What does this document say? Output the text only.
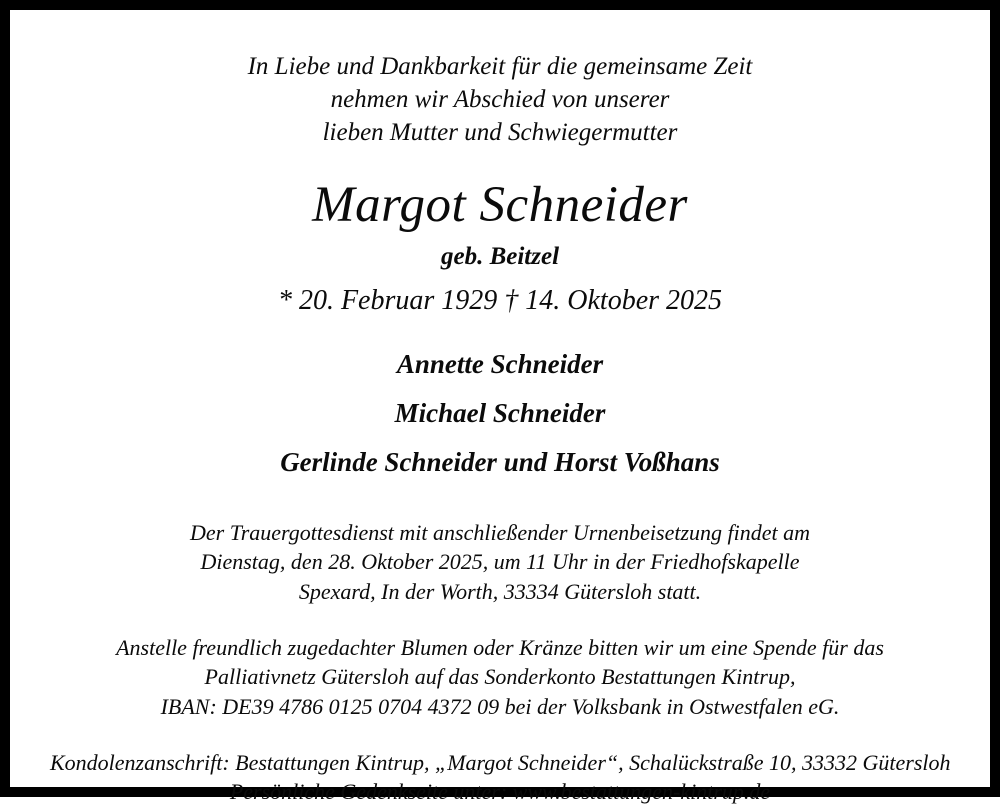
In Liebe und Dankbarkeit für die gemeinsame Zeit
nehmen wir Abschied von unserer
lieben Mutter und Schwiegermutter
Margot Schneider
geb. Beitzel
* 20. Februar 1929 † 14. Oktober 2025
Annette Schneider
Michael Schneider
Gerlinde Schneider und Horst Voßhans
Der Trauergottesdienst mit anschließender Urnenbeisetzung findet am
Dienstag, den 28. Oktober 2025, um 11 Uhr in der Friedhofskapelle
Spexard, In der Worth, 33334 Gütersloh statt.
Anstelle freundlich zugedachter Blumen oder Kränze bitten wir um eine Spende für das
Palliativnetz Gütersloh auf das Sonderkonto Bestattungen Kintrup,
IBAN: DE39 4786 0125 0704 4372 09 bei der Volksbank in Ostwestfalen eG.
Kondolenzanschrift: Bestattungen Kintrup, „Margot Schneider“, Schalückstraße 10, 33332 Gütersloh
Persönliche Gedenkseite unter: www.bestattungen-kintrup.de
